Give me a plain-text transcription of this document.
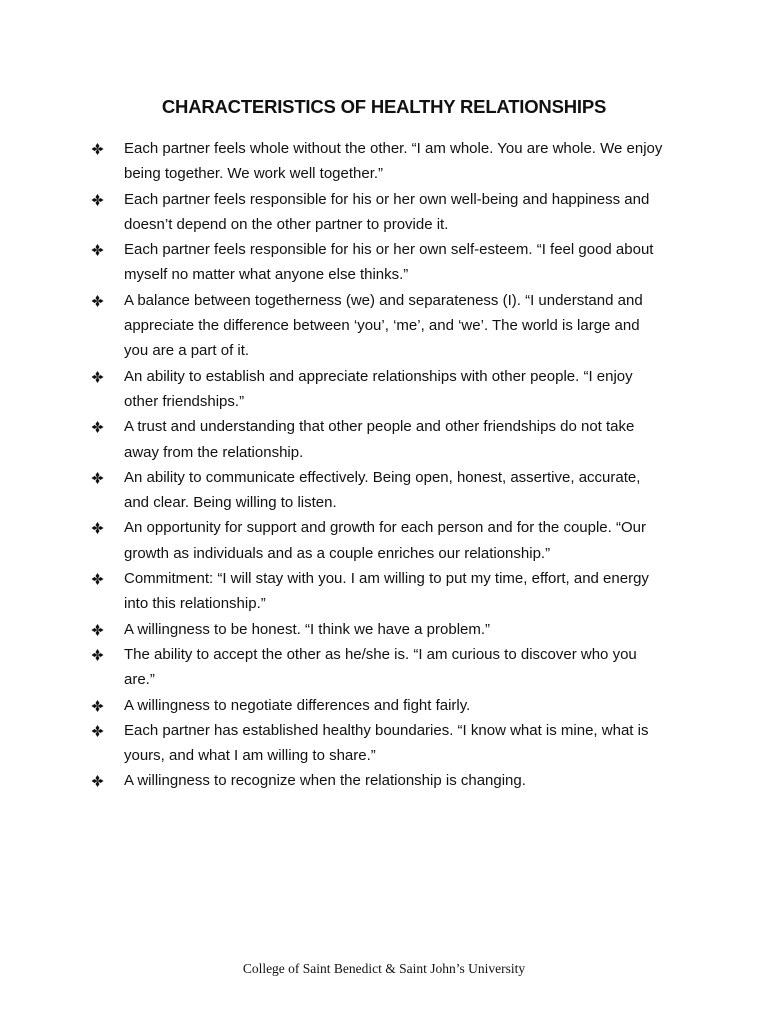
CHARACTERISTICS OF HEALTHY RELATIONSHIPS
Each partner feels whole without the other. “I am whole. You are whole. We enjoy being together. We work well together.”
Each partner feels responsible for his or her own well-being and happiness and doesn’t depend on the other partner to provide it.
Each partner feels responsible for his or her own self-esteem. “I feel good about myself no matter what anyone else thinks.”
A balance between togetherness (we) and separateness (I). “I understand and appreciate the difference between ‘you’, ‘me’, and ‘we’. The world is large and you are a part of it.
An ability to establish and appreciate relationships with other people. “I enjoy other friendships.”
A trust and understanding that other people and other friendships do not take away from the relationship.
An ability to communicate effectively. Being open, honest, assertive, accurate, and clear. Being willing to listen.
An opportunity for support and growth for each person and for the couple. “Our growth as individuals and as a couple enriches our relationship.”
Commitment: “I will stay with you. I am willing to put my time, effort, and energy into this relationship.”
A willingness to be honest. “I think we have a problem.”
The ability to accept the other as he/she is. “I am curious to discover who you are.”
A willingness to negotiate differences and fight fairly.
Each partner has established healthy boundaries. “I know what is mine, what is yours, and what I am willing to share.”
A willingness to recognize when the relationship is changing.
College of Saint Benedict & Saint John’s University
